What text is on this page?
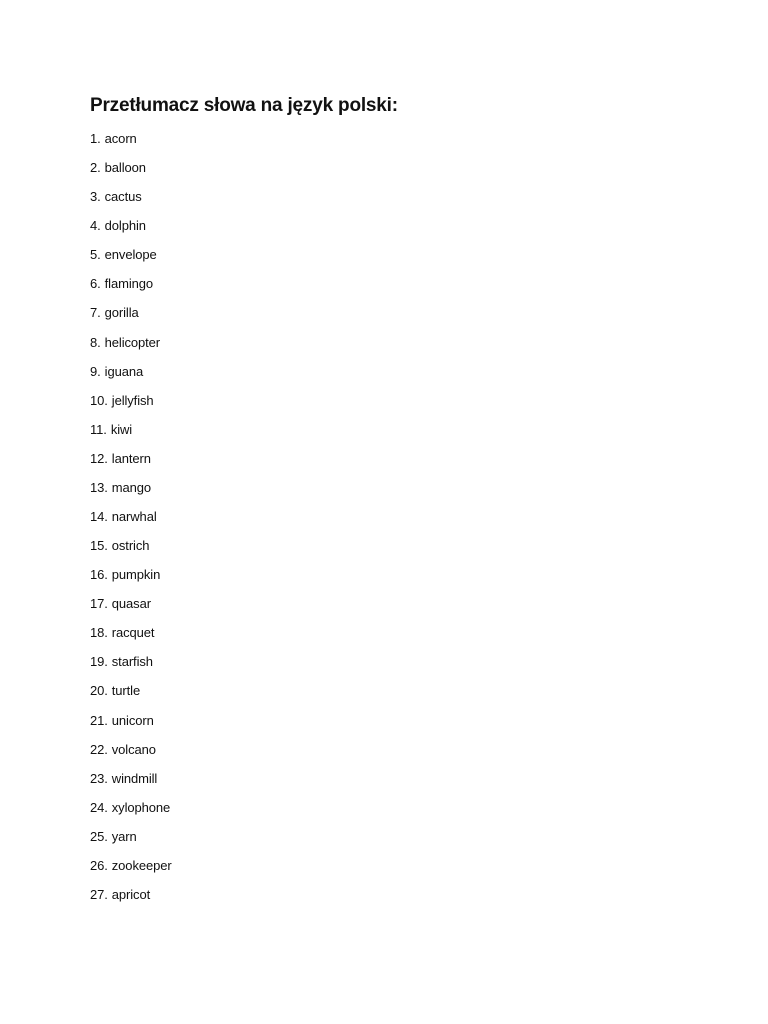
Przetłumacz słowa na język polski:
1. acorn
2. balloon
3. cactus
4. dolphin
5. envelope
6. flamingo
7. gorilla
8. helicopter
9. iguana
10. jellyfish
11. kiwi
12. lantern
13. mango
14. narwhal
15. ostrich
16. pumpkin
17. quasar
18. racquet
19. starfish
20. turtle
21. unicorn
22. volcano
23. windmill
24. xylophone
25. yarn
26. zookeeper
27. apricot
